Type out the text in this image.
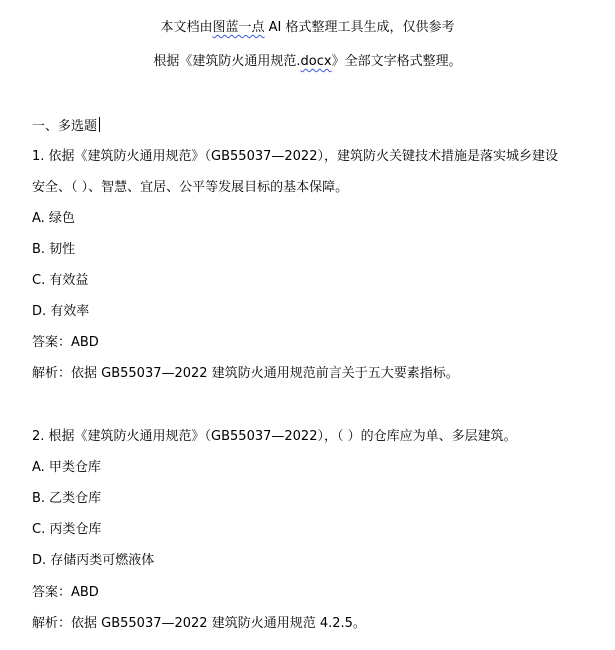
本文档由图蓝一点 AI 格式整理工具生成，仅供参考
根据《建筑防火通用规范.docx》全部文字格式整理。
一、多选题
1. 依据《建筑防火通用规范》（GB55037—2022），建筑防火关键技术措施是落实城乡建设
安全、（ ）、智慧、宜居、公平等发展目标的基本保障。
A. 绿色
B. 韧性
C. 有效益
D. 有效率
答案：ABD
解析：依据 GB55037—2022 建筑防火通用规范前言关于五大要素指标。
2. 根据《建筑防火通用规范》（GB55037—2022），（ ）的仓库应为单、多层建筑。
A. 甲类仓库
B. 乙类仓库
C. 丙类仓库
D. 存储丙类可燃液体
答案：ABD
解析：依据 GB55037—2022 建筑防火通用规范 4.2.5。
